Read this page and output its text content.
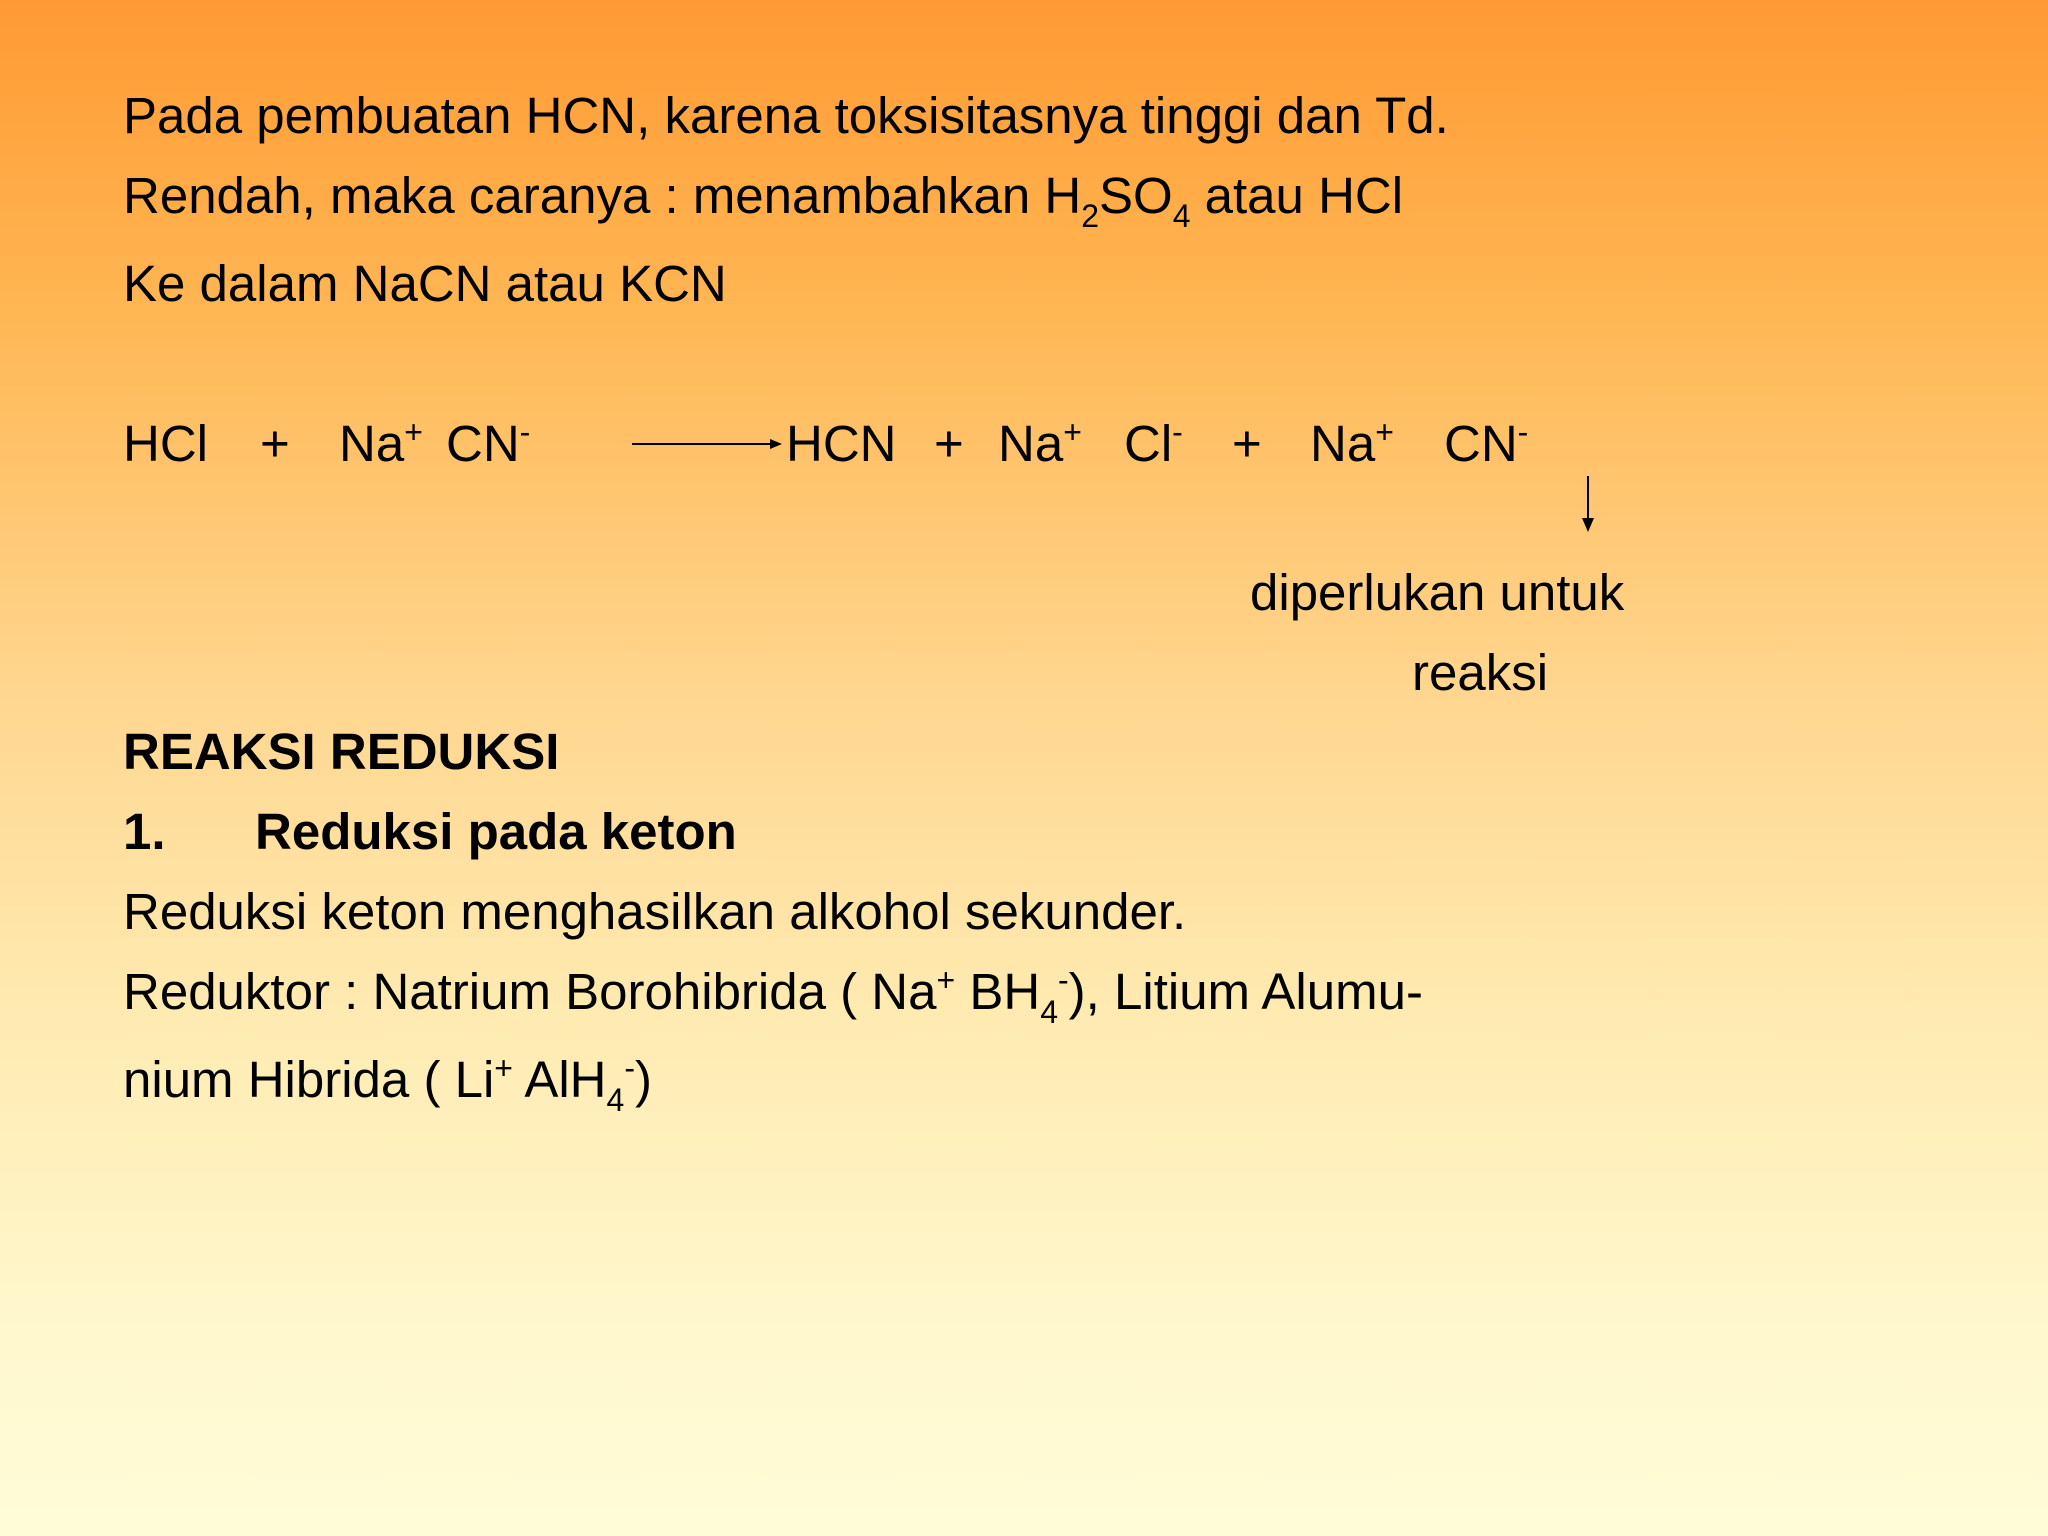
Pada pembuatan HCN, karena toksisitasnya tinggi dan Td.
Rendah, maka caranya : menambahkan $H_2SO_4$ atau HCl
Ke dalam NaCN atau KCN
HCl + Na+ CN-	HCN + Na+ Cl- + Na+ CN-
diperlukan untuk
reaksi
REAKSI REDUKSI
1. Reduksi pada keton
Reduksi keton menghasilkan alkohol sekunder.
Reduktor : Natrium Borohibrida ( Na+ $BH_4^-$), Litium Alumu-
nium Hibrida ( Li+ AlH$_4$-)
